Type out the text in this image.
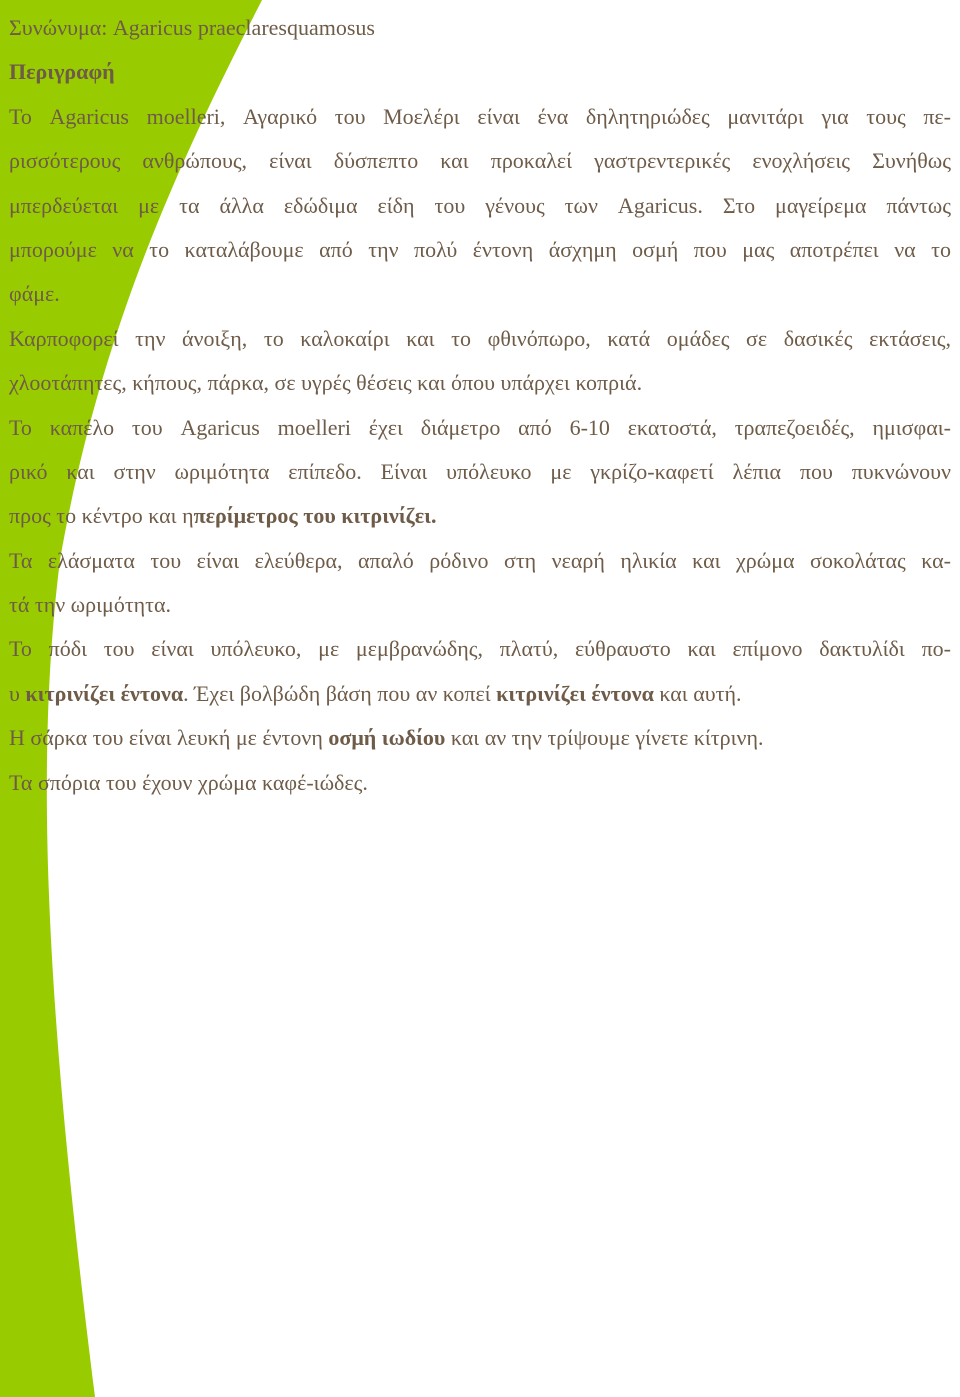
Συνώνυμα: Agaricus praeclaresquamosus
Περιγραφή
Το Agaricus moelleri, Αγαρικό του Μοελέρι είναι ένα δηλητηριώδες μανιτάρι για τους πε-
ρισσότερους ανθρώπους, είναι δύσπεπτο και προκαλεί γαστρεντερικές ενοχλήσεις Συνήθως
μπερδεύεται με τα άλλα εδώδιμα είδη του γένους των Agaricus. Στο μαγείρεμα πάντως
μπορούμε να το καταλάβουμε από την πολύ έντονη άσχημη οσμή που μας αποτρέπει να το
φάμε.
Καρποφορεί την άνοιξη, το καλοκαίρι και το φθινόπωρο, κατά ομάδες σε δασικές εκτάσεις,
χλοοτάπητες, κήπους, πάρκα, σε υγρές θέσεις και όπου υπάρχει κοπριά.
Το καπέλο του Agaricus moelleri έχει διάμετρο από 6-10 εκατοστά, τραπεζοειδές, ημισφαι-
ρικό και στην ωριμότητα επίπεδο. Είναι υπόλευκο με γκρίζο-καφετί λέπια που πυκνώνουν
προς το κέντρο και ηπερίμετρος του κιτρινίζει.
Τα ελάσματα του είναι ελεύθερα, απαλό ρόδινο στη νεαρή ηλικία και χρώμα σοκολάτας κα-
τά την ωριμότητα.
Το πόδι του είναι υπόλευκο, με μεμβρανώδης, πλατύ, εύθραυστο και επίμονο δακτυλίδι πο-
υ κιτρινίζει έντονα. Έχει βολβώδη βάση που αν κοπεί κιτρινίζει έντονα και αυτή.
Η σάρκα του είναι λευκή με έντονη οσμή ιωδίου και αν την τρίψουμε γίνετε κίτρινη.
Τα σπόρια του έχουν χρώμα καφέ-ιώδες.
